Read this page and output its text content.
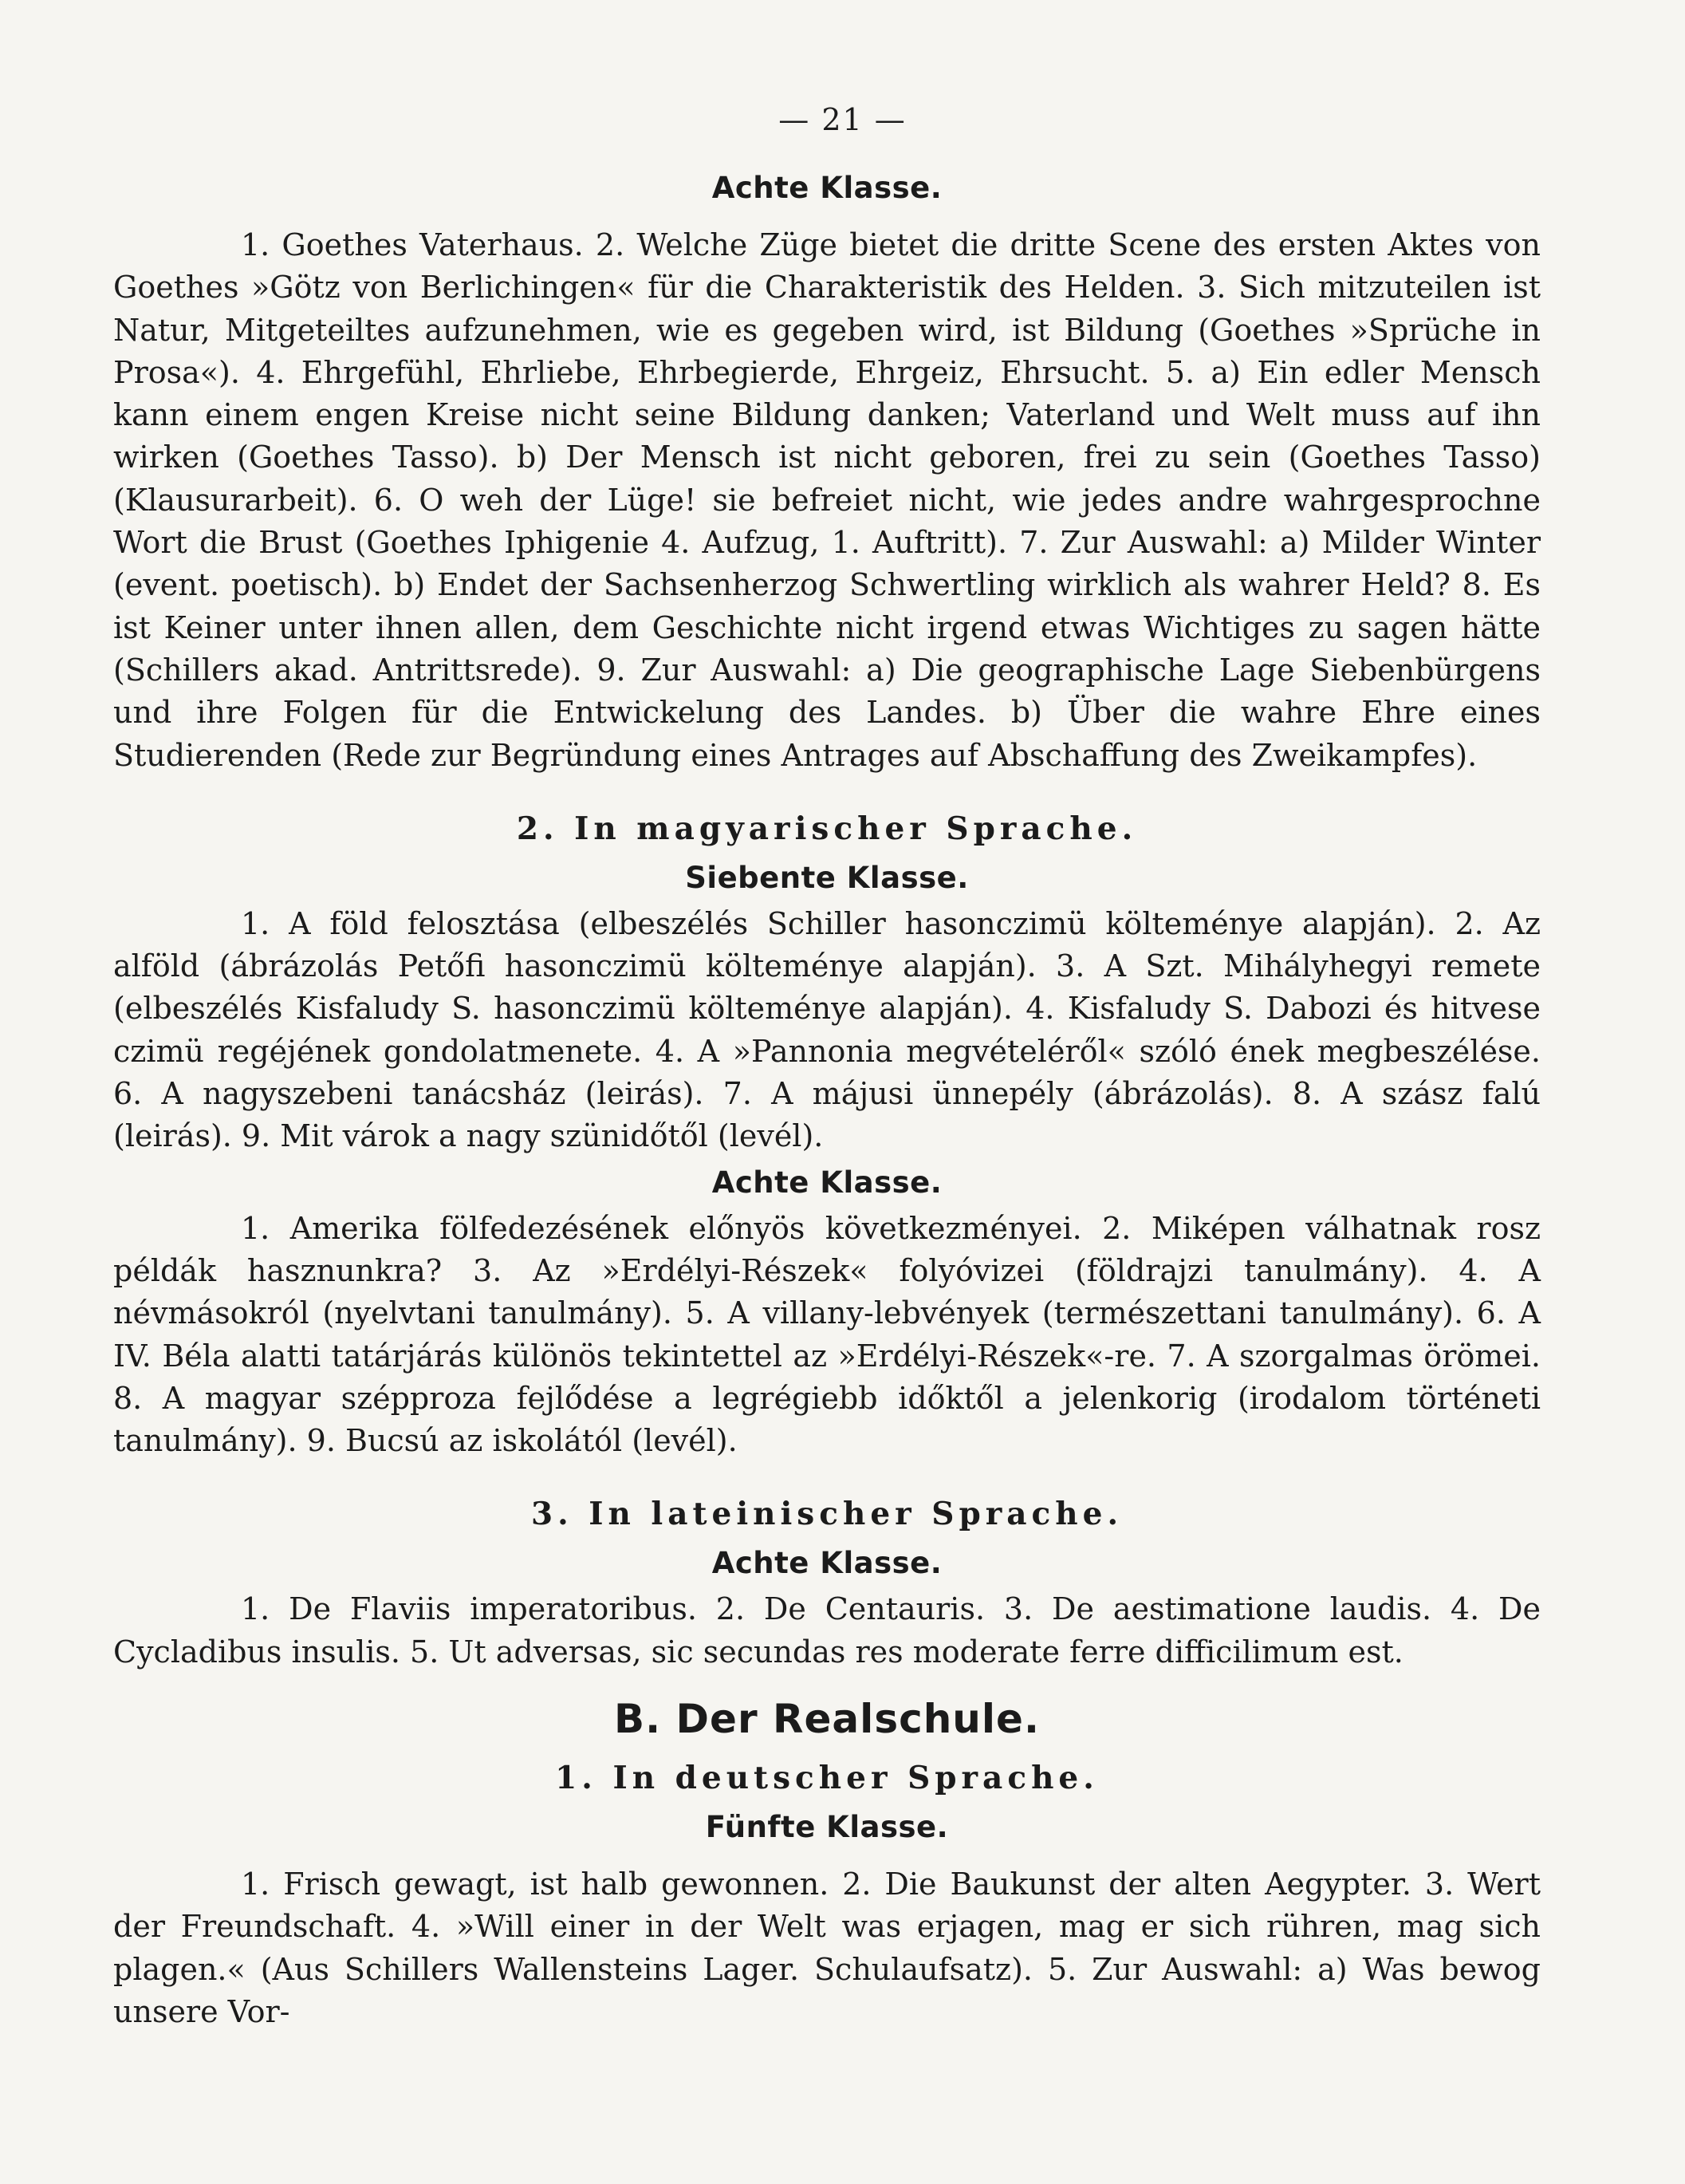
— 21 —
Achte Klasse.

1. Goethes Vaterhaus. 2. Welche Züge bietet die dritte Scene des ersten Aktes von Goethes »Götz von Berlichingen« für die Charakteristik des Helden. 3. Sich mitzuteilen ist Natur, Mitgeteiltes aufzunehmen, wie es gegeben wird, ist Bildung (Goethes »Sprüche in Prosa«). 4. Ehrgefühl, Ehrliebe, Ehrbegierde, Ehrgeiz, Ehrsucht. 5. a) Ein edler Mensch kann einem engen Kreise nicht seine Bildung danken; Vaterland und Welt muss auf ihn wirken (Goethes Tasso). b) Der Mensch ist nicht geboren, frei zu sein (Goethes Tasso) (Klausurarbeit). 6. O weh der Lüge! sie befreiet nicht, wie jedes andre wahrgesprochne Wort die Brust (Goethes Iphigenie 4. Aufzug, 1. Auftritt). 7. Zur Auswahl: a) Milder Winter (event. poetisch). b) Endet der Sachsenherzog Schwertling wirklich als wahrer Held? 8. Es ist Keiner unter ihnen allen, dem Geschichte nicht irgend etwas Wichtiges zu sagen hätte (Schillers akad. Antrittsrede). 9. Zur Auswahl: a) Die geographische Lage Siebenbürgens und ihre Folgen für die Entwickelung des Landes. b) Über die wahre Ehre eines Studierenden (Rede zur Begründung eines Antrages auf Abschaffung des Zweikampfes).

2. In magyarischer Sprache.
Siebente Klasse.

1. A föld felosztása (elbeszélés Schiller hasonczimü költeménye alapján). 2. Az alföld (ábrázolás Petőfi hasonczimü költeménye alapján). 3. A Szt. Mihályhegyi remete (elbeszélés Kisfaludy S. hasonczimü költeménye alapján). 4. Kisfaludy S. Dabozi és hitvese czimü regéjének gondolatmenete. 4. A »Pannonia megvételéről« szóló ének megbeszélése. 6. A nagyszebeni tanácsház (leirás). 7. A májusi ünnepély (ábrázolás). 8. A szász falú (leirás). 9. Mit várok a nagy szünidőtől (levél).

Achte Klasse.

1. Amerika fölfedezésének előnyös következményei. 2. Miképen válhatnak rosz példák hasznunkra? 3. Az »Erdélyi-Részek« folyóvizei (földrajzi tanulmány). 4. A névmásokról (nyelvtani tanulmány). 5. A villany-lebvények (természettani tanulmány). 6. A IV. Béla alatti tatárjárás különös tekintettel az »Erdélyi-Részek«-re. 7. A szorgalmas örömei. 8. A magyar szépproza fejlődése a legrégiebb időktől a jelenkorig (irodalom történeti tanulmány). 9. Bucsú az iskolától (levél).

3. In lateinischer Sprache.
Achte Klasse.

1. De Flaviis imperatoribus. 2. De Centauris. 3. De aestimatione laudis. 4. De Cycladibus insulis. 5. Ut adversas, sic secundas res moderate ferre difficilimum est.

B. Der Realschule.
1. In deutscher Sprache.
Fünfte Klasse.

1. Frisch gewagt, ist halb gewonnen. 2. Die Baukunst der alten Aegypter. 3. Wert der Freundschaft. 4. »Will einer in der Welt was erjagen, mag er sich rühren, mag sich plagen.« (Aus Schillers Wallensteins Lager. Schulaufsatz). 5. Zur Auswahl: a) Was bewog unsere Vor-
